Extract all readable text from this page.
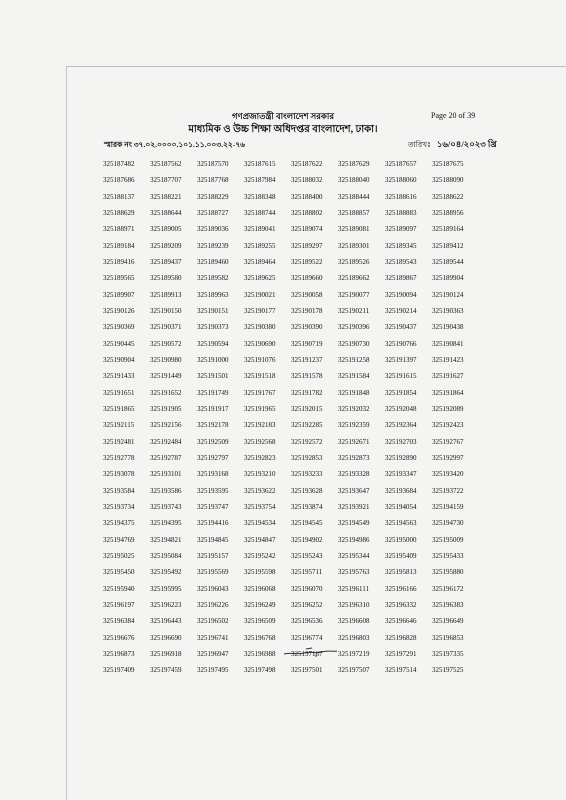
গণপ্রজাতন্ত্রী বাংলাদেশ সরকার
মাধ্যমিক ও উচ্চ শিক্ষা অধিদপ্তর বাংলাদেশ, ঢাকা।
Page 20 of 39
স্মারক নং ৩৭.০২.০০০০.১০১.১১.০০৩.২২-৭৬	তারিখঃ ১৬/০৪/২০২৩ খ্রি
325187482	325187562	325187570	325187615	325187622	325187629	325187657	325187675
325187686	325187707	325187768	325187984	325188032	325188040	325188060	325188090
325188137	325188221	325188229	325188348	325188400	325188444	325188616	325188622
325188629	325188644	325188727	325188744	325188802	325188857	325188883	325188956
325188971	325189005	325189036	325189041	325189074	325189081	325189097	325189164
325189184	325189209	325189239	325189255	325189297	325189301	325189345	325189412
325189416	325189437	325189460	325189464	325189522	325189526	325189543	325189544
325189565	325189580	325189582	325189625	325189660	325189662	325189867	325189904
325189907	325189913	325189963	325190021	325190058	325190077	325190094	325190124
325190126	325190150	325190151	325190177	325190178	325190211	325190214	325190363
325190369	325190371	325190373	325190380	325190390	325190396	325190437	325190438
325190445	325190572	325190594	325190690	325190719	325190730	325190766	325190841
325190904	325190980	325191000	325191076	325191237	325191258	325191397	325191423
325191433	325191449	325191501	325191518	325191578	325191584	325191615	325191627
325191651	325191652	325191749	325191767	325191782	325191848	325191854	325191864
325191865	325191905	325191917	325191965	325192015	325192032	325192048	325192089
325192115	325192156	325192178	325192183	325192285	325192359	325192364	325192423
325192481	325192484	325192509	325192568	325192572	325192671	325192703	325192767
325192778	325192787	325192797	325192823	325192853	325192873	325192890	325192997
325193078	325193101	325193168	325193210	325193233	325193328	325193347	325193420
325193584	325193586	325193595	325193622	325193628	325193647	325193684	325193722
325193734	325193743	325193747	325193754	325193874	325193921	325194054	325194159
325194375	325194395	325194416	325194534	325194545	325194549	325194563	325194730
325194769	325194821	325194845	325194847	325194902	325194986	325195000	325195009
325195025	325195084	325195157	325195242	325195243	325195344	325195409	325195433
325195450	325195492	325195569	325195598	325195711	325195763	325195813	325195880
325195940	325195995	325196043	325196068	325196070	325196111	325196166	325196172
325196197	325196223	325196226	325196249	325196252	325196310	325196332	325196383
325196384	325196443	325196502	325196509	325196536	325196608	325196646	325196649
325196676	325196690	325196741	325196768	325196774	325196803	325196828	325196853
325196873	325196918	325196947	325196988	325197167	325197219	325197291	325197335
325197409	325197459	325197495	325197498	325197501	325197507	325197514	325197525
